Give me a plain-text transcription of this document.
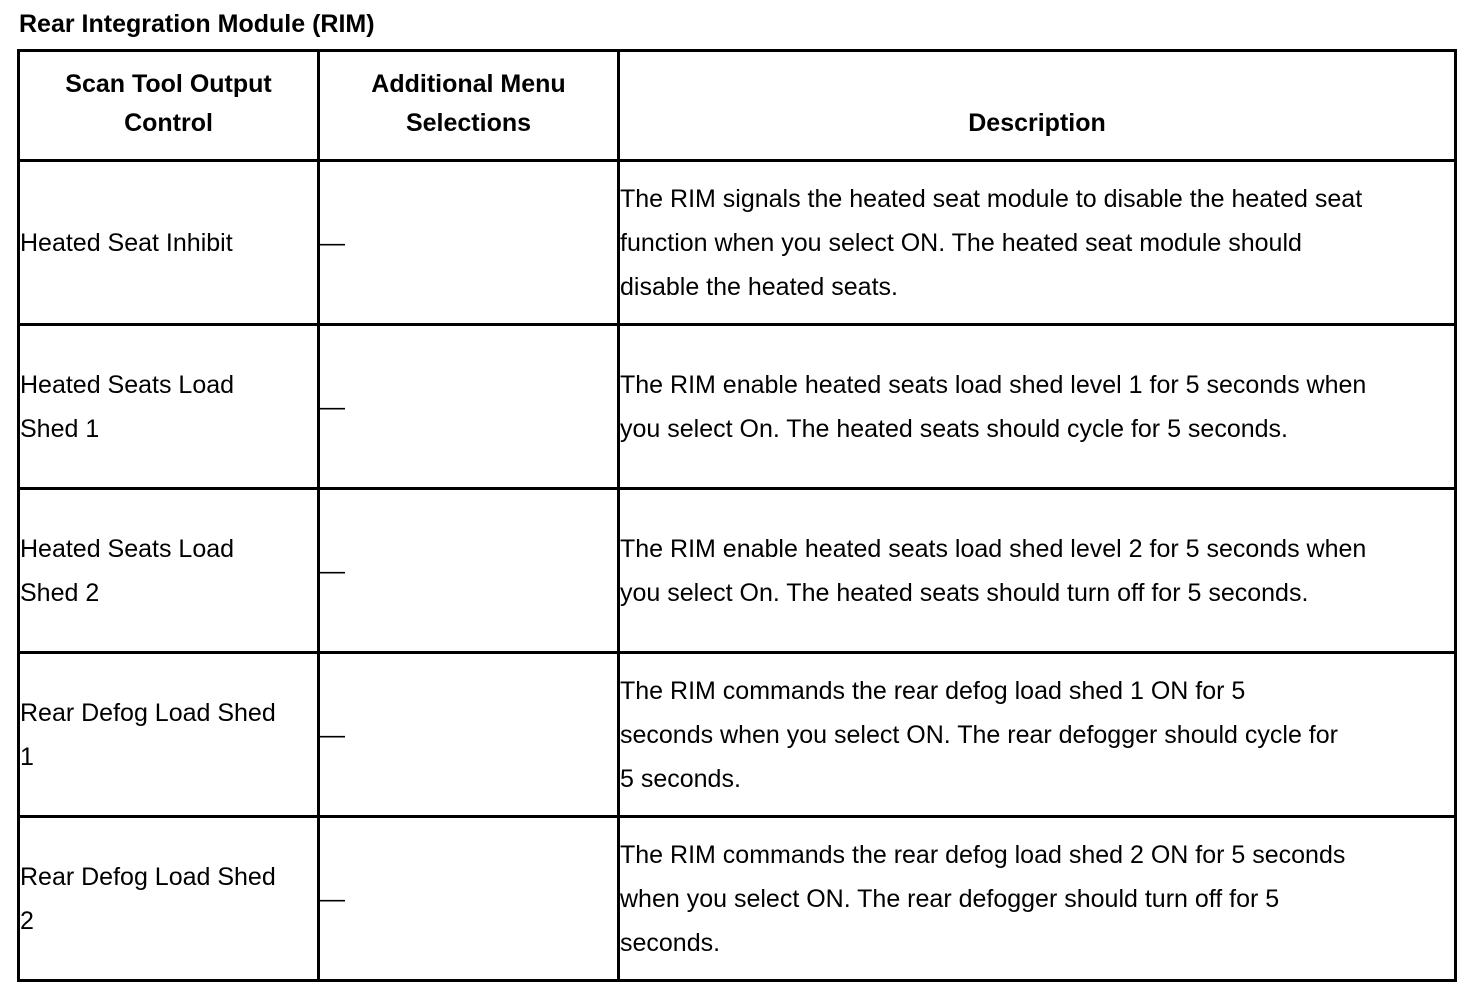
Rear Integration Module (RIM)
Scan Tool Output Control	Additional Menu Selections	Description
Heated Seat Inhibit	—	The RIM signals the heated seat module to disable the heated seat function when you select ON. The heated seat module should disable the heated seats.
Heated Seats Load Shed 1	—	The RIM enable heated seats load shed level 1 for 5 seconds when you select On. The heated seats should cycle for 5 seconds.
Heated Seats Load Shed 2	—	The RIM enable heated seats load shed level 2 for 5 seconds when you select On. The heated seats should turn off for 5 seconds.
Rear Defog Load Shed 1	—	The RIM commands the rear defog load shed 1 ON for 5 seconds when you select ON. The rear defogger should cycle for 5 seconds.
Rear Defog Load Shed 2	—	The RIM commands the rear defog load shed 2 ON for 5 seconds when you select ON. The rear defogger should turn off for 5 seconds.
